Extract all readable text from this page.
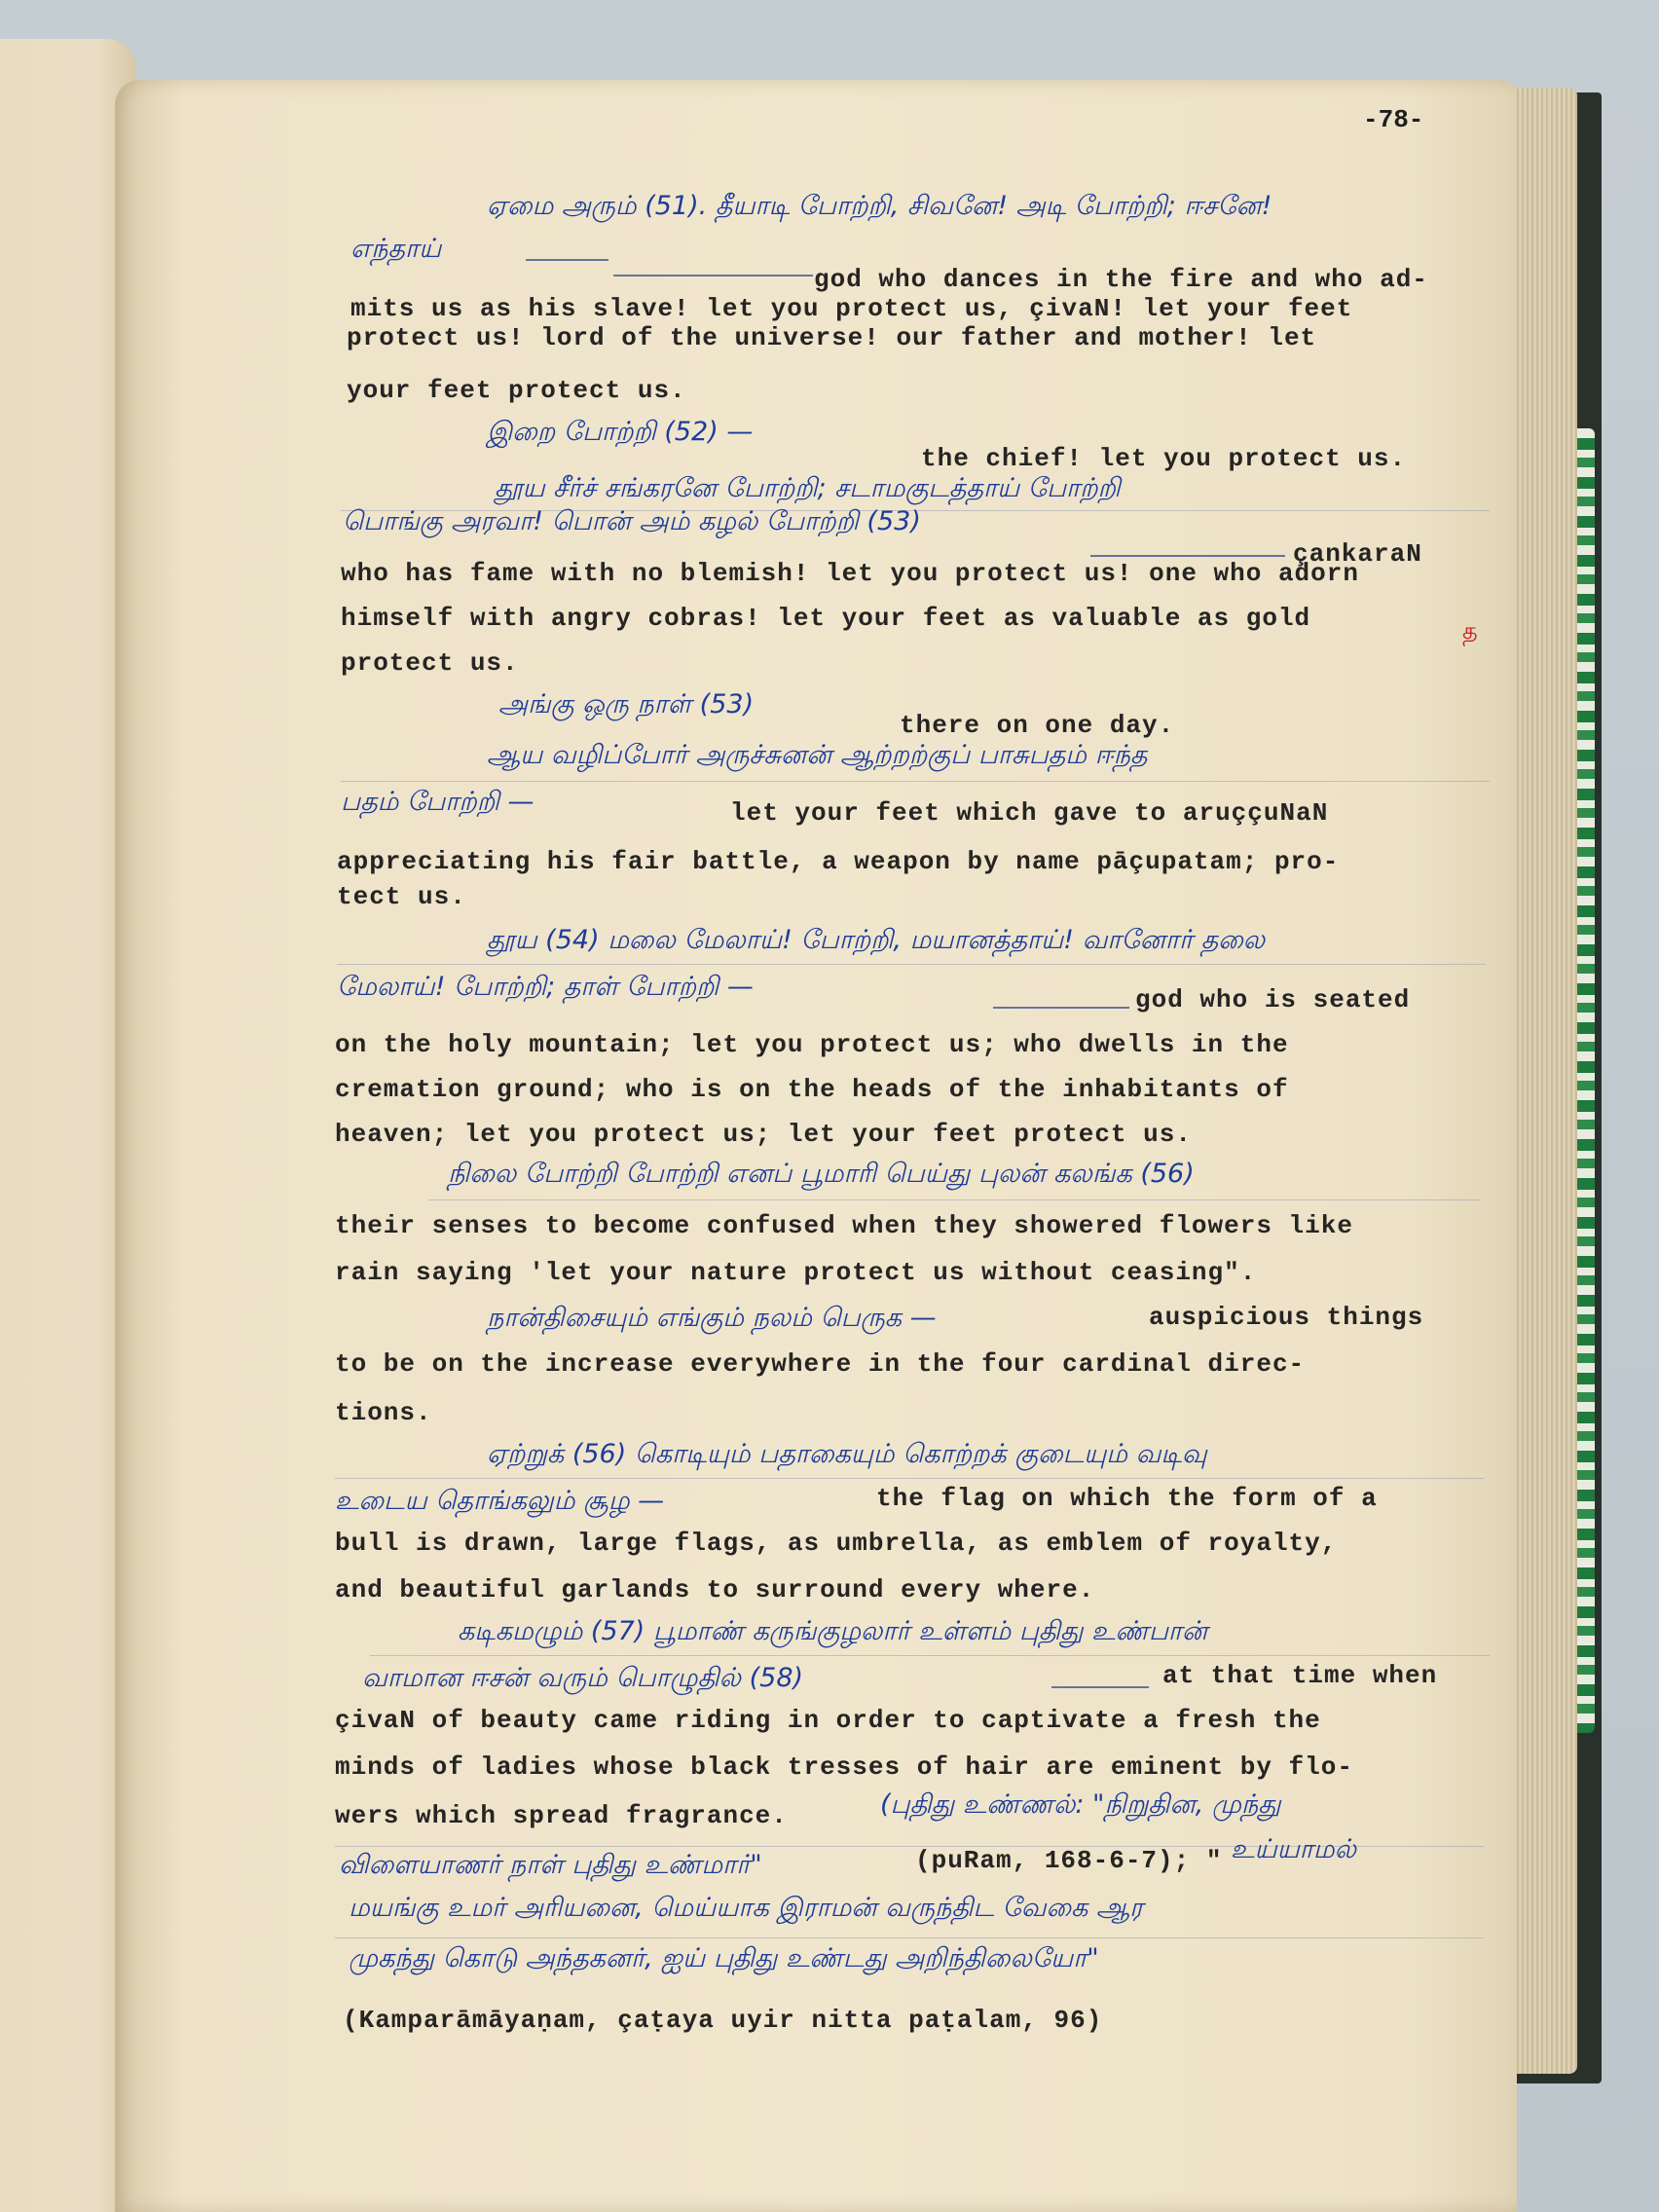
-78-
ஏமை அரும் (51). தீயாடி போற்றி, சிவனே! அடி போற்றி; ஈசனே!
எந்தாய்
god who dances in the fire and who ad-
mits us as his slave! let you protect us, çivaN! let your feet
protect us! lord of the universe! our father and mother! let
your feet protect us.
இறை போற்றி (52) —
the chief! let you protect us.
தூய சீர்ச் சங்கரனே போற்றி; சடாமகுடத்தாய் போற்றி
பொங்கு அரவா! பொன் அம் கழல் போற்றி (53)
çankaraN
who has fame with no blemish! let you protect us! one who adorn
himself with angry cobras! let your feet as valuable as gold	த
protect us.
அங்கு ஒரு நாள் (53)
there on one day.
ஆய வழிப்போர் அருச்சுனன் ஆற்றற்குப் பாசுபதம் ஈந்த
பதம் போற்றி —	let your feet which gave to aruççuNaN
appreciating his fair battle, a weapon by name pāçupatam; pro-
tect us.
தூய (54) மலை மேலாய்! போற்றி, மயானத்தாய்! வானோர் தலை
மேலாய்! போற்றி; தாள் போற்றி —	god who is seated
on the holy mountain; let you protect us; who dwells in the
cremation ground; who is on the heads of the inhabitants of
heaven; let you protect us; let your feet protect us.
நிலை போற்றி போற்றி எனப் பூமாரி பெய்து புலன் கலங்க (56)
their senses to become confused when they showered flowers like
rain saying 'let your nature protect us without ceasing".
நான்திசையும் எங்கும் நலம் பெருக —	auspicious things
to be on the increase everywhere in the four cardinal direc-
tions.
ஏற்றுக் (56) கொடியும் பதாகையும் கொற்றக் குடையும் வடிவு
உடைய தொங்கலும் சூழ —	the flag on which the form of a
bull is drawn, large flags, as umbrella, as emblem of royalty,
and beautiful garlands to surround every where.
கடிகமழும் (57) பூமாண் கருங்குழலார் உள்ளம் புதிது உண்பான்
வாமான ஈசன் வரும் பொழுதில் (58)	at that time when
çivaN of beauty came riding in order to captivate a fresh the
minds of ladies whose black tresses of hair are eminent by flo-
wers which spread fragrance.	(புதிது உண்ணல்: "நிறுதின, முந்து
விளையாணர் நாள் புதிது உண்மார்"	(puRam, 168-6-7); " உய்யாமல்
மயங்கு உமர் அரியனை, மெய்யாக இராமன் வருந்திட வேகை ஆர
முகந்து கொடு அந்தகனர், ஐய் புதிது உண்டது அறிந்திலையோ"
(Kamparāmāyaṇam, çaṭaya uyir nitta paṭalam, 96)
